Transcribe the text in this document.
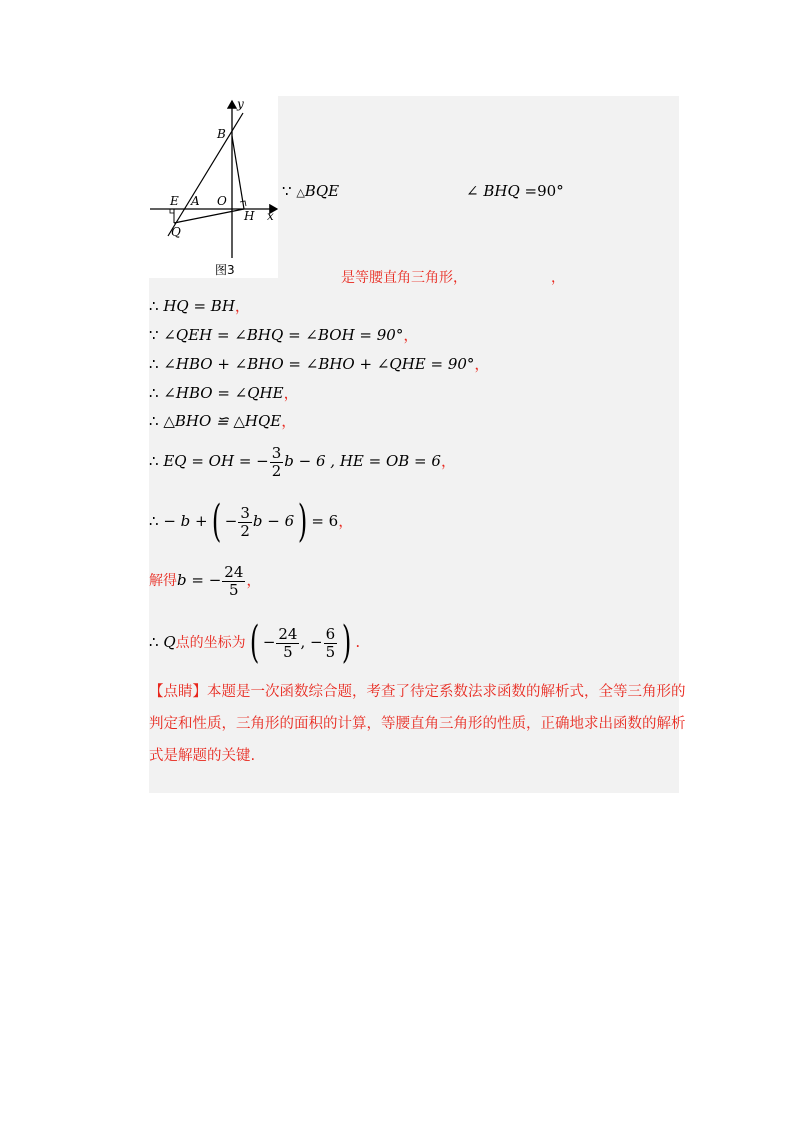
y
B
E A O
H x
Q
图3
∵ △BQE	∠ BHQ =90°
是等腰直角三角形，	，
∴ HQ = BH，
∵ ∠QEH = ∠BHQ = ∠BOH = 90°，
∴ ∠HBO + ∠BHO = ∠BHO + ∠QHE = 90°，
∴ ∠HBO = ∠QHE，
∴ △BHO ≌ △HQE，
∴ EQ = OH = − $\frac{3}{2}$ b − 6 , HE = OB = 6，
∴ − b +( − $\frac{3}{2}$ b − 6) = 6，
解得b = − $\frac{24}{5}$ ，
∴ Q点的坐标为( − $\frac{24}{5}$ , − $\frac{6}{5}$ ) .
【点睛】本题是一次函数综合题，考查了待定系数法求函数的解析式，全等三角形的
判定和性质，三角形的面积的计算，等腰直角三角形的性质，正确地求出函数的解析
式是解题的关键.
